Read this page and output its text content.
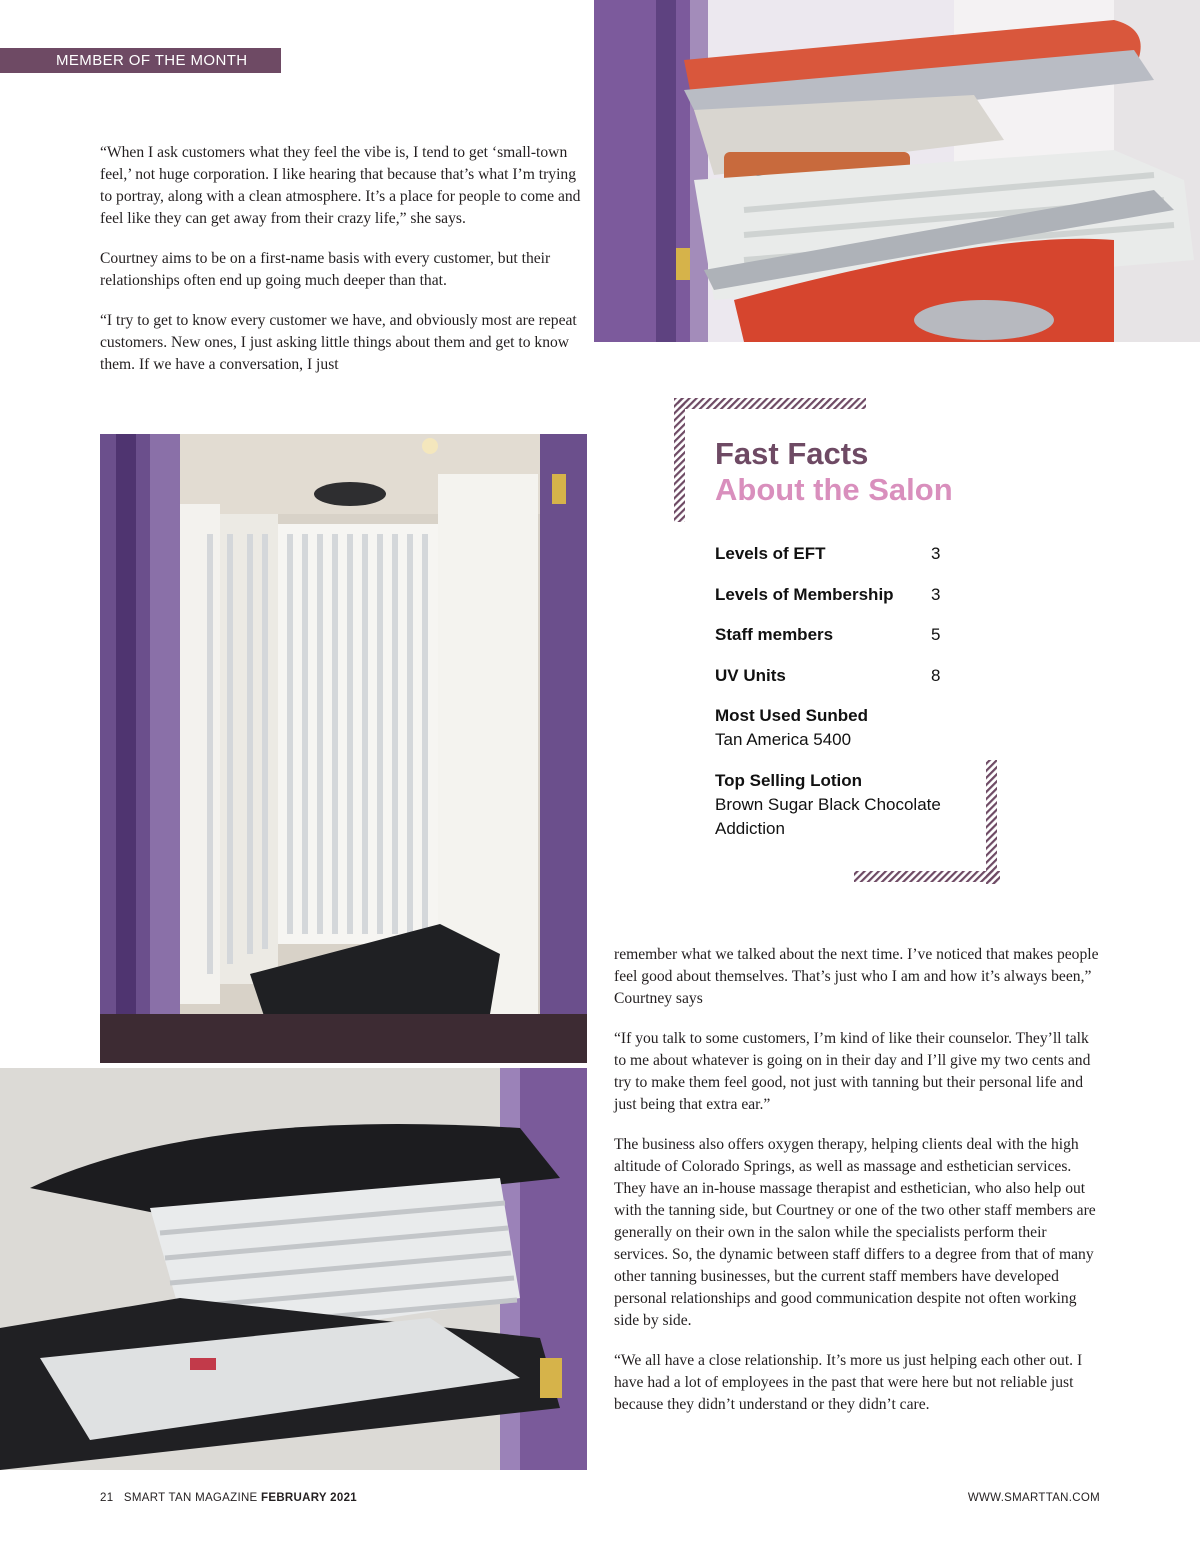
MEMBER OF THE MONTH

“When I ask customers what they feel the vibe is, I tend to get ‘small-town feel,’ not huge corporation. I like hearing that because that’s what I’m trying to portray, along with a clean atmosphere. It’s a place for people to come and feel like they can get away from their crazy life,” she says.

Courtney aims to be on a first-name basis with every customer, but their relationships often end up going much deeper than that.

“I try to get to know every customer we have, and obviously most are repeat customers. New ones, I just asking little things about them and get to know them. If we have a conversation, I just

Fast Facts
About the Salon
Levels of EFT	3
Levels of Membership 3
Staff members	5
UV Units	8
Most Used Sunbed
Tan America 5400
Top Selling Lotion
Brown Sugar Black Chocolate Addiction

remember what we talked about the next time. I’ve noticed that makes people feel good about themselves. That’s just who I am and how it’s always been,” Courtney says

“If you talk to some customers, I’m kind of like their counselor. They’ll talk to me about whatever is going on in their day and I’ll give my two cents and try to make them feel good, not just with tanning but their personal life and just being that extra ear.”

The business also offers oxygen therapy, helping clients deal with the high altitude of Colorado Springs, as well as massage and esthetician services. They have an in-house massage therapist and esthetician, who also help out with the tanning side, but Courtney or one of the two other staff members are generally on their own in the salon while the specialists perform their services. So, the dynamic between staff differs to a degree from that of many other tanning businesses, but the current staff members have developed personal relationships and good communication despite not often working side by side.

“We all have a close relationship. It’s more us just helping each other out. I have had a lot of employees in the past that were here but not reliable just because they didn’t understand or they didn’t care.

21 SMART TAN MAGAZINE FEBRUARY 2021	WWW.SMARTTAN.COM
